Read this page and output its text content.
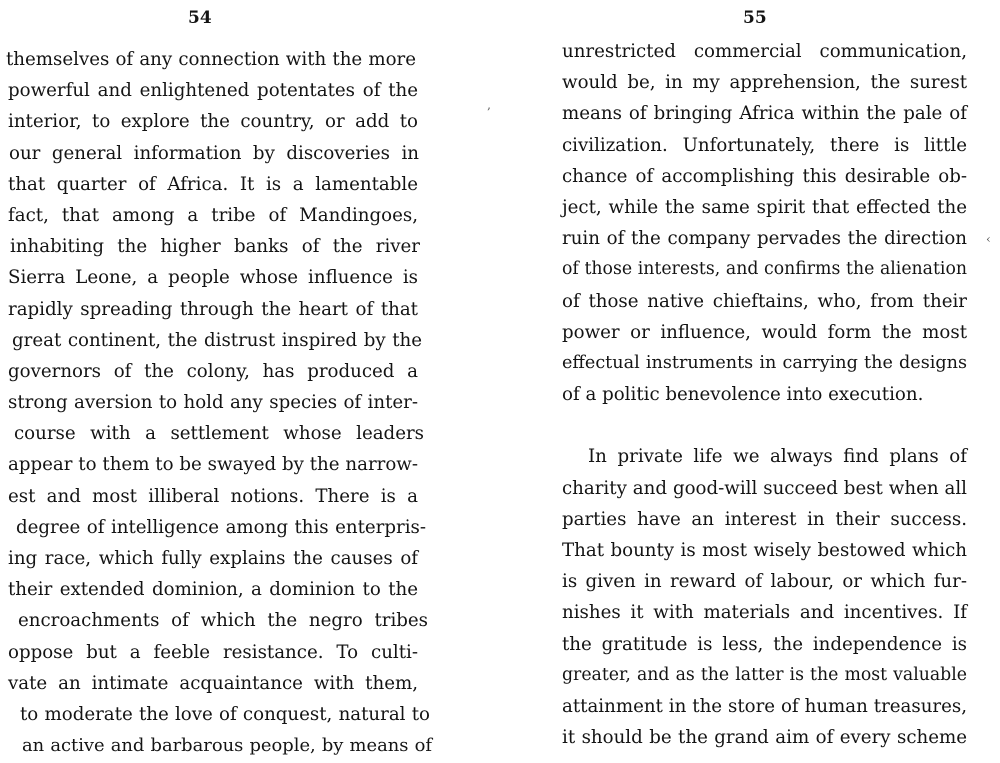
54
themselves of any connection with the more
powerful and enlightened potentates of the
interior, to explore the country, or add to
our general information by discoveries in
that quarter of Africa. It is a lamentable
fact, that among a tribe of Mandingoes,
inhabiting the higher banks of the river
Sierra Leone, a people whose influence is
rapidly spreading through the heart of that
great continent, the distrust inspired by the
governors of the colony, has produced a
strong aversion to hold any species of inter-
course with a settlement whose leaders
appear to them to be swayed by the narrow-
est and most illiberal notions. There is a
degree of intelligence among this enterpris-
ing race, which fully explains the causes of
their extended dominion, a dominion to the
encroachments of which the negro tribes
oppose but a feeble resistance. To culti-
vate an intimate acquaintance with them,
to moderate the love of conquest, natural to
an active and barbarous people, by means of
55
unrestricted commercial communication,
would be, in my apprehension, the surest
means of bringing Africa within the pale of
civilization. Unfortunately, there is little
chance of accomplishing this desirable ob-
ject, while the same spirit that effected the
ruin of the company pervades the direction
of those interests, and confirms the alienation
of those native chieftains, who, from their
power or influence, would form the most
effectual instruments in carrying the designs
of a politic benevolence into execution.
In private life we always find plans of
charity and good-will succeed best when all
parties have an interest in their success.
That bounty is most wisely bestowed which
is given in reward of labour, or which fur-
nishes it with materials and incentives. If
the gratitude is less, the independence is
greater, and as the latter is the most valuable
attainment in the store of human treasures,
it should be the grand aim of every scheme
‚
‹
